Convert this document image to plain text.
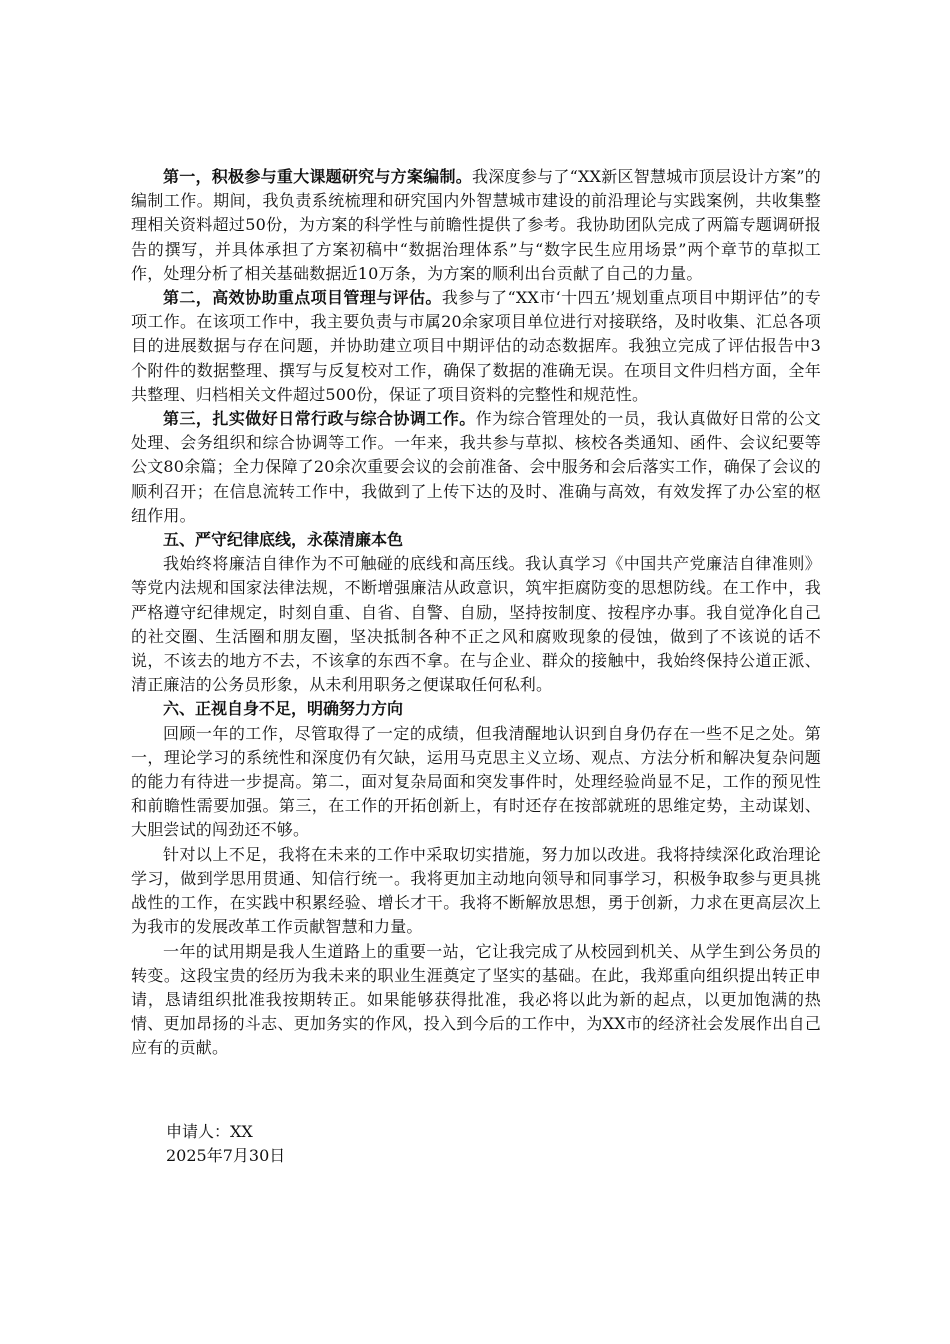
第一，积极参与重大课题研究与方案编制。我深度参与了“XX新区智慧城市顶层设计方案”的编制工作。期间，我负责系统梳理和研究国内外智慧城市建设的前沿理论与实践案例，共收集整理相关资料超过50份，为方案的科学性与前瞻性提供了参考。我协助团队完成了两篇专题调研报告的撰写，并具体承担了方案初稿中“数据治理体系”与“数字民生应用场景”两个章节的草拟工作，处理分析了相关基础数据近10万条，为方案的顺利出台贡献了自己的力量。

第二，高效协助重点项目管理与评估。我参与了“XX市‘十四五’规划重点项目中期评估”的专项工作。在该项工作中，我主要负责与市属20余家项目单位进行对接联络，及时收集、汇总各项目的进展数据与存在问题，并协助建立项目中期评估的动态数据库。我独立完成了评估报告中3个附件的数据整理、撰写与反复校对工作，确保了数据的准确无误。在项目文件归档方面，全年共整理、归档相关文件超过500份，保证了项目资料的完整性和规范性。

第三，扎实做好日常行政与综合协调工作。作为综合管理处的一员，我认真做好日常的公文处理、会务组织和综合协调等工作。一年来，我共参与草拟、核校各类通知、函件、会议纪要等公文80余篇；全力保障了20余次重要会议的会前准备、会中服务和会后落实工作，确保了会议的顺利召开；在信息流转工作中，我做到了上传下达的及时、准确与高效，有效发挥了办公室的枢纽作用。

五、严守纪律底线，永葆清廉本色

我始终将廉洁自律作为不可触碰的底线和高压线。我认真学习《中国共产党廉洁自律准则》等党内法规和国家法律法规，不断增强廉洁从政意识，筑牢拒腐防变的思想防线。在工作中，我严格遵守纪律规定，时刻自重、自省、自警、自励，坚持按制度、按程序办事。我自觉净化自己的社交圈、生活圈和朋友圈，坚决抵制各种不正之风和腐败现象的侵蚀，做到了不该说的话不说，不该去的地方不去，不该拿的东西不拿。在与企业、群众的接触中，我始终保持公道正派、清正廉洁的公务员形象，从未利用职务之便谋取任何私利。

六、正视自身不足，明确努力方向

回顾一年的工作，尽管取得了一定的成绩，但我清醒地认识到自身仍存在一些不足之处。第一，理论学习的系统性和深度仍有欠缺，运用马克思主义立场、观点、方法分析和解决复杂问题的能力有待进一步提高。第二，面对复杂局面和突发事件时，处理经验尚显不足，工作的预见性和前瞻性需要加强。第三，在工作的开拓创新上，有时还存在按部就班的思维定势，主动谋划、大胆尝试的闯劲还不够。

针对以上不足，我将在未来的工作中采取切实措施，努力加以改进。我将持续深化政治理论学习，做到学思用贯通、知信行统一。我将更加主动地向领导和同事学习，积极争取参与更具挑战性的工作，在实践中积累经验、增长才干。我将不断解放思想，勇于创新，力求在更高层次上为我市的发展改革工作贡献智慧和力量。

一年的试用期是我人生道路上的重要一站，它让我完成了从校园到机关、从学生到公务员的转变。这段宝贵的经历为我未来的职业生涯奠定了坚实的基础。在此，我郑重向组织提出转正申请，恳请组织批准我按期转正。如果能够获得批准，我必将以此为新的起点，以更加饱满的热情、更加昂扬的斗志、更加务实的作风，投入到今后的工作中，为XX市的经济社会发展作出自己应有的贡献。

申请人：XX
2025年7月30日
